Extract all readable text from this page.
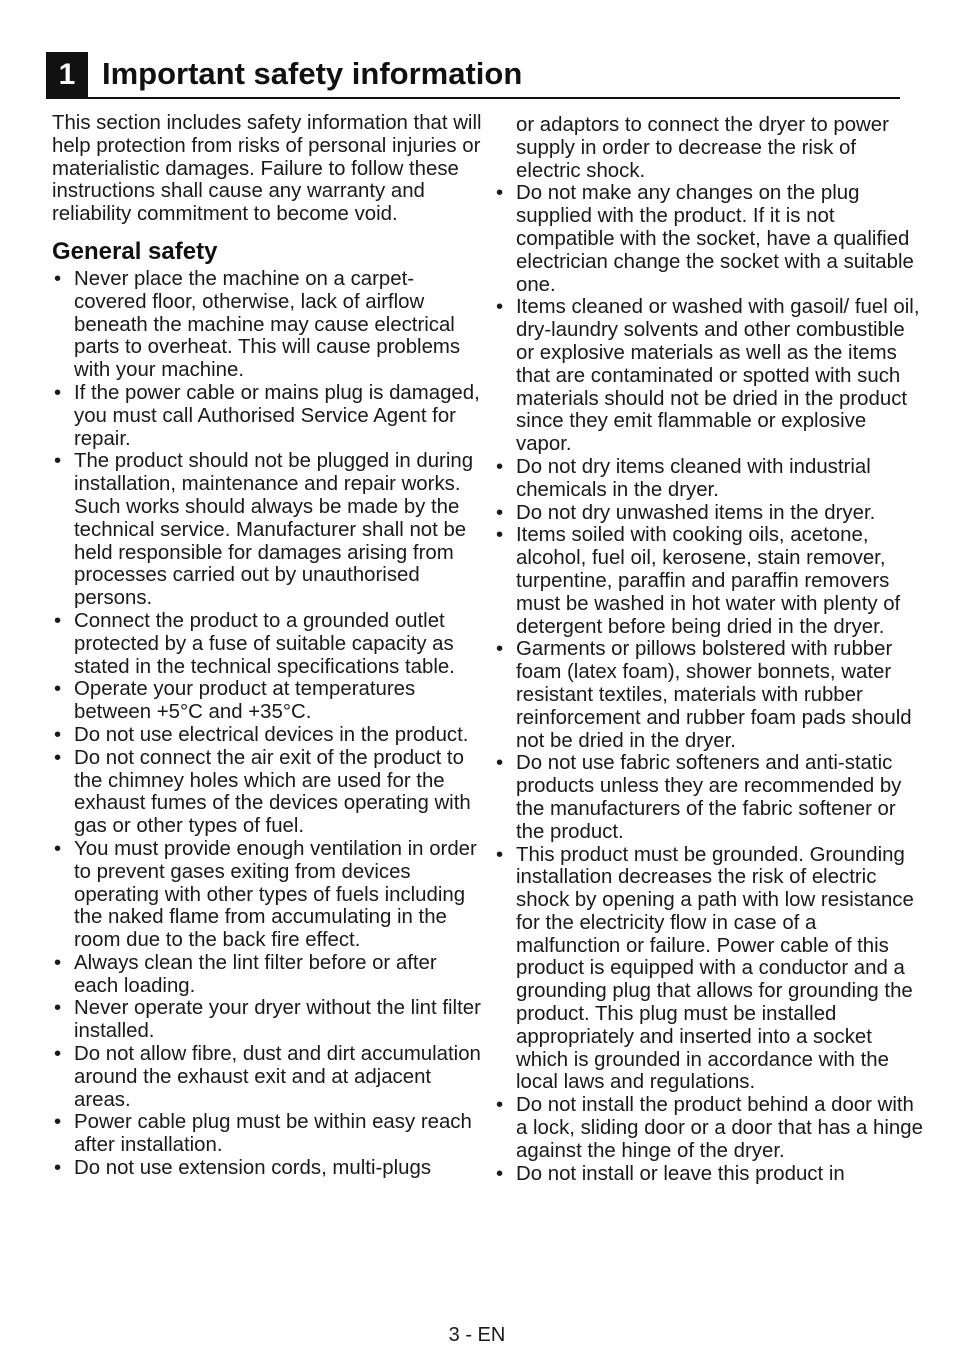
1 Important safety information

This section includes safety information that will help protection from risks of personal injuries or materialistic damages. Failure to follow these instructions shall cause any warranty and reliability commitment to become void.

General safety
• Never place the machine on a carpet-covered floor, otherwise, lack of airflow beneath the machine may cause electrical parts to overheat. This will cause problems with your machine.
• If the power cable or mains plug is damaged, you must call Authorised Service Agent for repair.
• The product should not be plugged in during installation, maintenance and repair works. Such works should always be made by the technical service. Manufacturer shall not be held responsible for damages arising from processes carried out by unauthorised persons.
• Connect the product to a grounded outlet protected by a fuse of suitable capacity as stated in the technical specifications table.
• Operate your product at temperatures between +5°C and +35°C.
• Do not use electrical devices in the product.
• Do not connect the air exit of the product to the chimney holes which are used for the exhaust fumes of the devices operating with gas or other types of fuel.
• You must provide enough ventilation in order to prevent gases exiting from devices operating with other types of fuels including the naked flame from accumulating in the room due to the back fire effect.
• Always clean the lint filter before or after each loading.
• Never operate your dryer without the lint filter installed.
• Do not allow fibre, dust and dirt accumulation around the exhaust exit and at adjacent areas.
• Power cable plug must be within easy reach after installation.
• Do not use extension cords, multi-plugs
or adaptors to connect the dryer to power supply in order to decrease the risk of electric shock.
• Do not make any changes on the plug supplied with the product. If it is not compatible with the socket, have a qualified electrician change the socket with a suitable one.
• Items cleaned or washed with gasoil/ fuel oil, dry-laundry solvents and other combustible or explosive materials as well as the items that are contaminated or spotted with such materials should not be dried in the product since they emit flammable or explosive vapor.
• Do not dry items cleaned with industrial chemicals in the dryer.
• Do not dry unwashed items in the dryer.
• Items soiled with cooking oils, acetone, alcohol, fuel oil, kerosene, stain remover, turpentine, paraffin and paraffin removers must be washed in hot water with plenty of detergent before being dried in the dryer.
• Garments or pillows bolstered with rubber foam (latex foam), shower bonnets, water resistant textiles, materials with rubber reinforcement and rubber foam pads should not be dried in the dryer.
• Do not use fabric softeners and anti-static products unless they are recommended by the manufacturers of the fabric softener or the product.
• This product must be grounded. Grounding installation decreases the risk of electric shock by opening a path with low resistance for the electricity flow in case of a malfunction or failure. Power cable of this product is equipped with a conductor and a grounding plug that allows for grounding the product. This plug must be installed appropriately and inserted into a socket which is grounded in accordance with the local laws and regulations.
• Do not install the product behind a door with a lock, sliding door or a door that has a hinge against the hinge of the dryer.
• Do not install or leave this product in
3 - EN
